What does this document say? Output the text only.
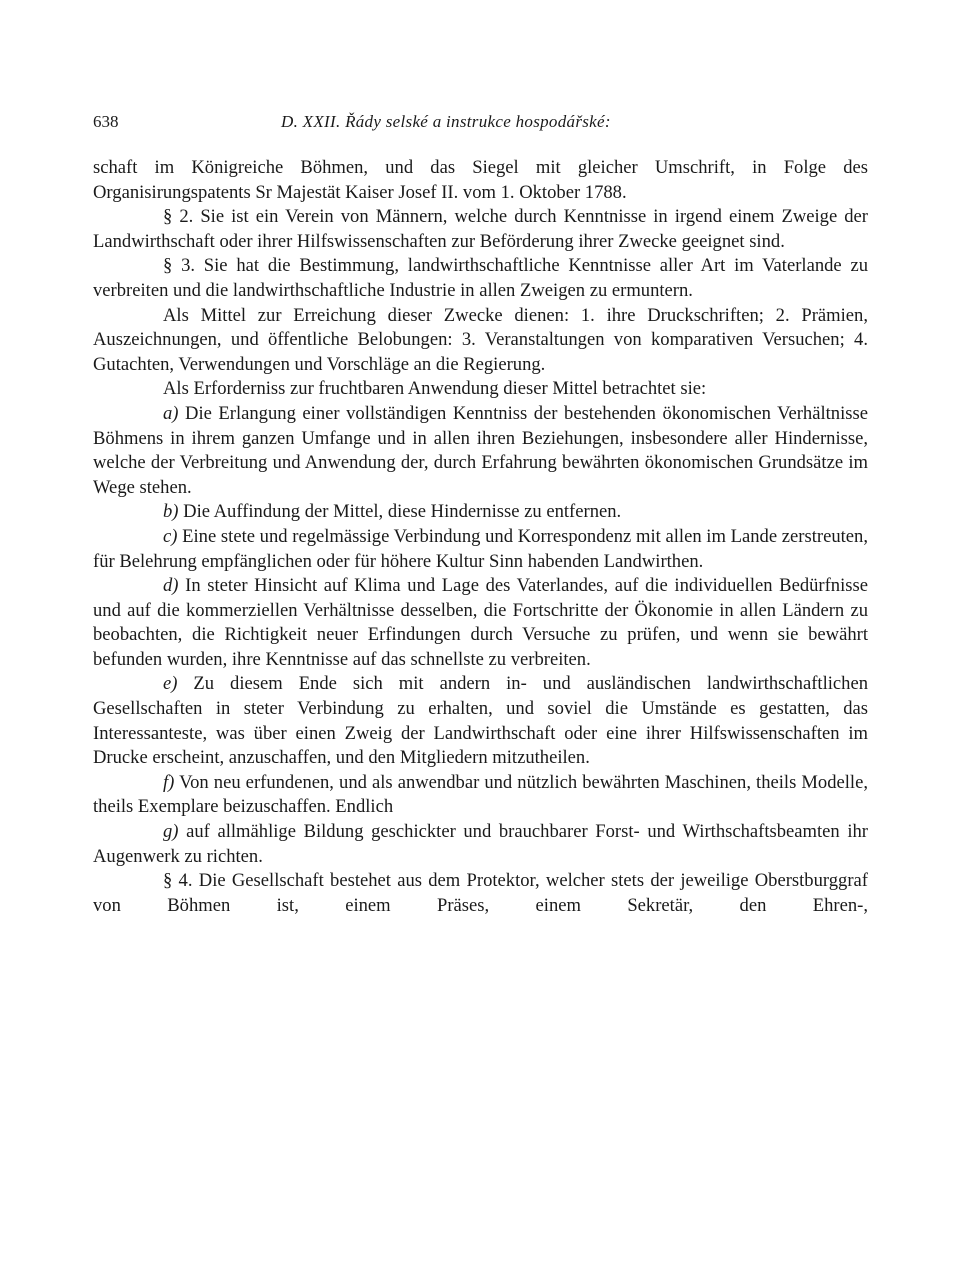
638	D. XXII. Řády selské a instrukce hospodářské:

schaft im Königreiche Böhmen, und das Siegel mit gleicher Umschrift, in Folge des Organisirungspatents Sr Majestät Kaiser Josef II. vom 1. Oktober 1788.

§ 2. Sie ist ein Verein von Männern, welche durch Kenntnisse in irgend einem Zweige der Landwirthschaft oder ihrer Hilfswissenschaften zur Beförderung ihrer Zwecke geeignet sind.

§ 3. Sie hat die Bestimmung, landwirthschaftliche Kenntnisse aller Art im Vaterlande zu verbreiten und die landwirthschaftliche Industrie in allen Zweigen zu ermuntern.

Als Mittel zur Erreichung dieser Zwecke dienen: 1. ihre Druckschriften; 2. Prämien, Auszeichnungen, und öffentliche Belobungen: 3. Veranstaltungen von komparativen Versuchen; 4. Gutachten, Verwendungen und Vorschläge an die Regierung.

Als Erforderniss zur fruchtbaren Anwendung dieser Mittel betrachtet sie:

a) Die Erlangung einer vollständigen Kenntniss der bestehenden ökonomischen Verhältnisse Böhmens in ihrem ganzen Umfange und in allen ihren Beziehungen, insbesondere aller Hindernisse, welche der Verbreitung und Anwendung der, durch Erfahrung bewährten ökonomischen Grundsätze im Wege stehen.

b) Die Auffindung der Mittel, diese Hindernisse zu entfernen.

c) Eine stete und regelmässige Verbindung und Korrespondenz mit allen im Lande zerstreuten, für Belehrung empfänglichen oder für höhere Kultur Sinn habenden Landwirthen.

d) In steter Hinsicht auf Klima und Lage des Vaterlandes, auf die individuellen Bedürfnisse und auf die kommerziellen Verhältnisse desselben, die Fortschritte der Ökonomie in allen Ländern zu beobachten, die Richtigkeit neuer Erfindungen durch Versuche zu prüfen, und wenn sie bewährt befunden wurden, ihre Kenntnisse auf das schnellste zu verbreiten.

e) Zu diesem Ende sich mit andern in- und ausländischen landwirthschaftlichen Gesellschaften in steter Verbindung zu erhalten, und soviel die Umstände es gestatten, das Interessanteste, was über einen Zweig der Landwirthschaft oder eine ihrer Hilfswissenschaften im Drucke erscheint, anzuschaffen, und den Mitgliedern mitzutheilen.

f) Von neu erfundenen, und als anwendbar und nützlich bewährten Maschinen, theils Modelle, theils Exemplare beizuschaffen. Endlich

g) auf allmählige Bildung geschickter und brauchbarer Forst- und Wirthschaftsbeamten ihr Augenwerk zu richten.

§ 4. Die Gesellschaft bestehet aus dem Protektor, welcher stets der jeweilige Oberstburggraf von Böhmen ist, einem Präses, einem Sekretär, den Ehren-,
